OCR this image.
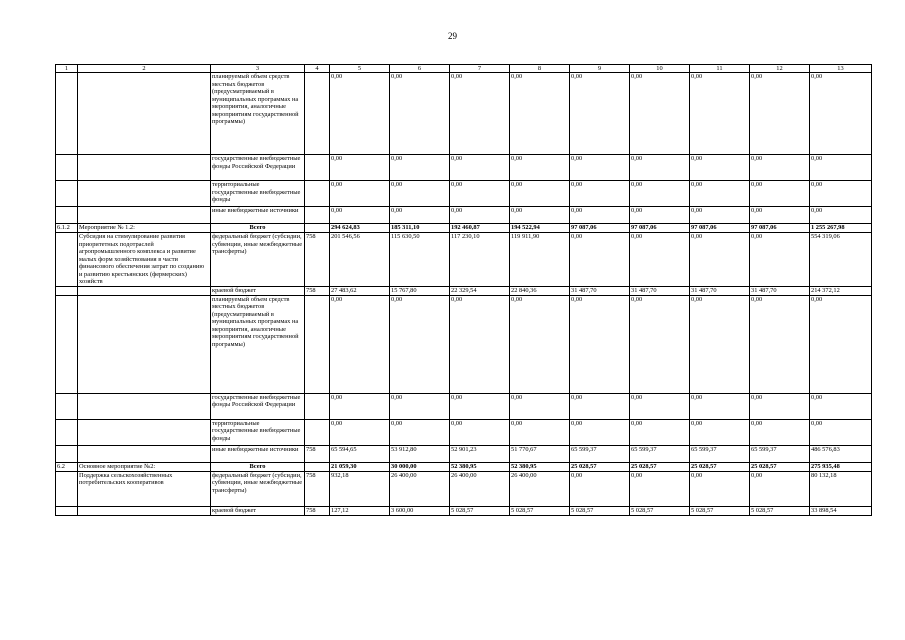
29
1	2	3	4	5	6	7	8	9	10	11	12	13
		планируемый объем средств местных бюджетов (предусматриваемый в муниципальных программах на мероприятия, аналогичные мероприятиям государственной программы)		0,00	0,00	0,00	0,00	0,00	0,00	0,00	0,00	0,00
		государственные внебюджетные фонды Российской Федерации		0,00	0,00	0,00	0,00	0,00	0,00	0,00	0,00	0,00
		территориальные государственные внебюджетные фонды		0,00	0,00	0,00	0,00	0,00	0,00	0,00	0,00	0,00
		иные внебюджетные источники		0,00	0,00	0,00	0,00	0,00	0,00	0,00	0,00	0,00
6.1.2	Мероприятие № 1.2:	Всего		294 624,83	185 311,10	192 460,87	194 522,94	97 087,06	97 087,06	97 087,06	97 087,06	1 255 267,98
	Субсидия на стимулирование развития приоритетных подотраслей агропромышленного комплекса и развитие малых форм хозяйствования в части финансового обеспечения затрат по созданию и развитию крестьянских (фермерских) хозяйств	федеральный бюджет (субсидии, субвенции, иные межбюджетные трансферты)	758	201 546,56	115 630,50	117 230,10	119 911,90	0,00	0,00	0,00	0,00	554 319,06
		краевой бюджет	758	27 483,62	15 767,80	22 329,54	22 840,36	31 487,70	31 487,70	31 487,70	31 487,70	214 372,12
		планируемый объем средств местных бюджетов (предусматриваемый в муниципальных программах на мероприятия, аналогичные мероприятиям государственной программы)		0,00	0,00	0,00	0,00	0,00	0,00	0,00	0,00	0,00
		государственные внебюджетные фонды Российской Федерации		0,00	0,00	0,00	0,00	0,00	0,00	0,00	0,00	0,00
		территориальные государственные внебюджетные фонды		0,00	0,00	0,00	0,00	0,00	0,00	0,00	0,00	0,00
		иные внебюджетные источники	758	65 594,65	53 912,80	52 901,23	51 770,67	65 599,37	65 599,37	65 599,37	65 599,37	486 576,83
6.2	Основное мероприятие №2:	Всего		21 059,30	30 000,00	52 380,95	52 380,95	25 028,57	25 028,57	25 028,57	25 028,57	275 935,48
	Поддержка сельскохозяйственных потребительских кооперативов	федеральный бюджет (субсидии, субвенции, иные межбюджетные трансферты)	758	932,18	26 400,00	26 400,00	26 400,00	0,00	0,00	0,00	0,00	80 132,18
		краевой бюджет	758	127,12	3 600,00	5 028,57	5 028,57	5 028,57	5 028,57	5 028,57	5 028,57	33 898,54
